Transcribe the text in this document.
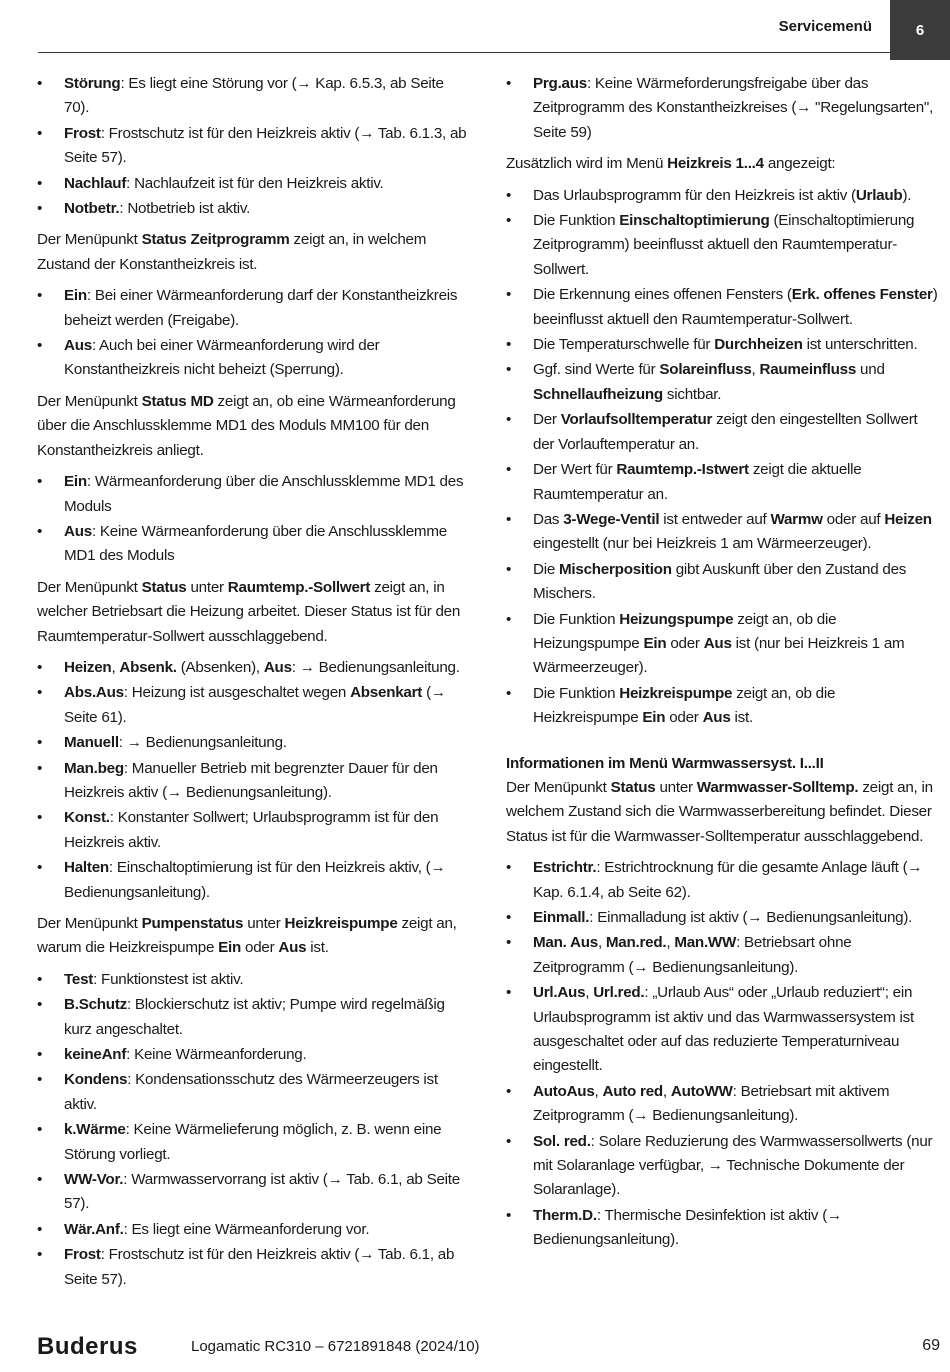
Servicemenü	6
• Störung: Es liegt eine Störung vor (→ Kap. 6.5.3, ab Seite 70).
• Frost: Frostschutz ist für den Heizkreis aktiv (→ Tab. 6.1.3, ab Seite 57).
• Nachlauf: Nachlaufzeit ist für den Heizkreis aktiv.
• Notbetr.: Notbetrieb ist aktiv.

Der Menüpunkt Status Zeitprogramm zeigt an, in welchem Zustand der Konstantheizkreis ist.

• Ein: Bei einer Wärmeanforderung darf der Konstantheizkreis beheizt werden (Freigabe).
• Aus: Auch bei einer Wärmeanforderung wird der Konstantheizkreis nicht beheizt (Sperrung).

Der Menüpunkt Status MD zeigt an, ob eine Wärmeanforderung über die Anschlussklemme MD1 des Moduls MM100 für den Konstantheizkreis anliegt.

• Ein: Wärmeanforderung über die Anschlussklemme MD1 des Moduls
• Aus: Keine Wärmeanforderung über die Anschlussklemme MD1 des Moduls

Der Menüpunkt Status unter Raumtemp.-Sollwert zeigt an, in welcher Betriebsart die Heizung arbeitet. Dieser Status ist für den Raumtemperatur-Sollwert ausschlaggebend.

• Heizen, Absenk. (Absenken), Aus: → Bedienungsanleitung.
• Abs.Aus: Heizung ist ausgeschaltet wegen Absenkart (→ Seite 61).
• Manuell: → Bedienungsanleitung.
• Man.beg: Manueller Betrieb mit begrenzter Dauer für den Heizkreis aktiv (→ Bedienungsanleitung).
• Konst.: Konstanter Sollwert; Urlaubsprogramm ist für den Heizkreis aktiv.
• Halten: Einschaltoptimierung ist für den Heizkreis aktiv, (→ Bedienungsanleitung).

Der Menüpunkt Pumpenstatus unter Heizkreispumpe zeigt an, warum die Heizkreispumpe Ein oder Aus ist.

• Test: Funktionstest ist aktiv.
• B.Schutz: Blockierschutz ist aktiv; Pumpe wird regelmäßig kurz angeschaltet.
• keineAnf: Keine Wärmeanforderung.
• Kondens: Kondensationsschutz des Wärmeerzeugers ist aktiv.
• k.Wärme: Keine Wärmelieferung möglich, z. B. wenn eine Störung vorliegt.
• WW-Vor.: Warmwasservorrang ist aktiv (→ Tab. 6.1, ab Seite 57).
• Wär.Anf.: Es liegt eine Wärmeanforderung vor.
• Frost: Frostschutz ist für den Heizkreis aktiv (→ Tab. 6.1, ab Seite 57).
• Prg.aus: Keine Wärmeforderungsfreigabe über das Zeitprogramm des Konstantheizkreises (→ "Regelungsarten", Seite 59)

Zusätzlich wird im Menü Heizkreis 1...4 angezeigt:

• Das Urlaubsprogramm für den Heizkreis ist aktiv (Urlaub).
• Die Funktion Einschaltoptimierung (Einschaltoptimierung Zeitprogramm) beeinflusst aktuell den Raumtemperatur-Sollwert.
• Die Erkennung eines offenen Fensters (Erk. offenes Fenster) beeinflusst aktuell den Raumtemperatur-Sollwert.
• Die Temperaturschwelle für Durchheizen ist unterschritten.
• Ggf. sind Werte für Solareinfluss, Raumeinfluss und Schnellaufheizung sichtbar.
• Der Vorlaufsolltemperatur zeigt den eingestellten Sollwert der Vorlauftemperatur an.
• Der Wert für Raumtemp.-Istwert zeigt die aktuelle Raumtemperatur an.
• Das 3-Wege-Ventil ist entweder auf Warmw oder auf Heizen eingestellt (nur bei Heizkreis 1 am Wärmeerzeuger).
• Die Mischerposition gibt Auskunft über den Zustand des Mischers.
• Die Funktion Heizungspumpe zeigt an, ob die Heizungspumpe Ein oder Aus ist (nur bei Heizkreis 1 am Wärmeerzeuger).
• Die Funktion Heizkreispumpe zeigt an, ob die Heizkreispumpe Ein oder Aus ist.
Informationen im Menü Warmwassersyst. I...II

Der Menüpunkt Status unter Warmwasser-Solltemp. zeigt an, in welchem Zustand sich die Warmwasserbereitung befindet. Dieser Status ist für die Warmwasser-Solltemperatur ausschlaggebend.

• Estrichtr.: Estrichtrocknung für die gesamte Anlage läuft (→ Kap. 6.1.4, ab Seite 62).
• Einmall.: Einmalladung ist aktiv (→ Bedienungsanleitung).
• Man. Aus, Man.red., Man.WW: Betriebsart ohne Zeitprogramm (→ Bedienungsanleitung).
• Url.Aus, Url.red.: „Urlaub Aus“ oder „Urlaub reduziert“; ein Urlaubsprogramm ist aktiv und das Warmwassersystem ist ausgeschaltet oder auf das reduzierte Temperaturniveau eingestellt.
• AutoAus, Auto red, AutoWW: Betriebsart mit aktivem Zeitprogramm (→ Bedienungsanleitung).
• Sol. red.: Solare Reduzierung des Warmwassersollwerts (nur mit Solaranlage verfügbar, → Technische Dokumente der Solaranlage).
• Therm.D.: Thermische Desinfektion ist aktiv (→ Bedienungsanleitung).
Buderus	Logamatic RC310 – 6721891848 (2024/10)	69
